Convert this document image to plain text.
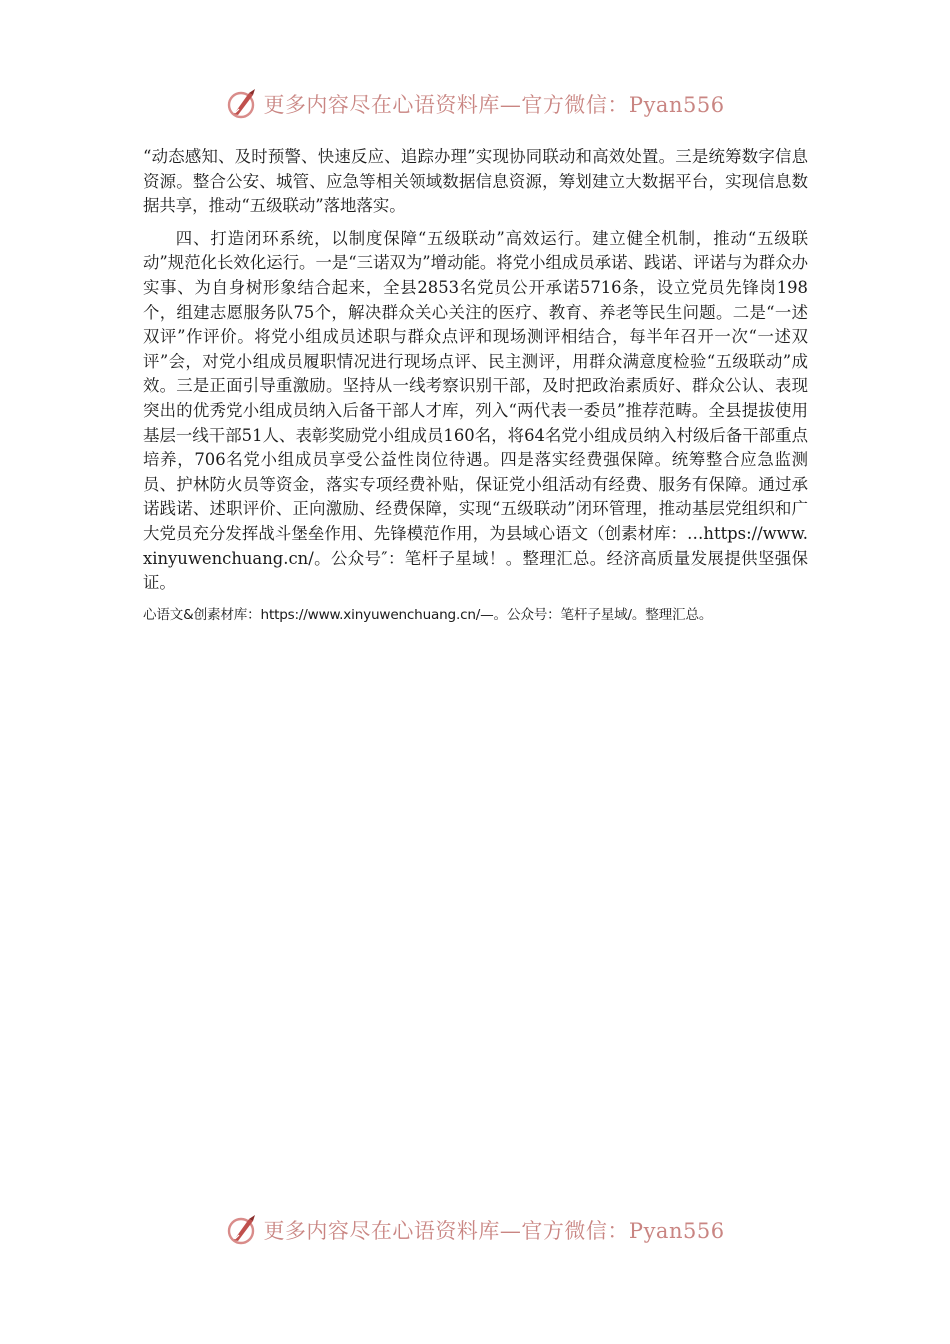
更多内容尽在心语资料库—官方微信：Pyan556

“动态感知、及时预警、快速反应、追踪办理”实现协同联动和高效处置。三是统筹数字信息资源。整合公安、城管、应急等相关领域数据信息资源，筹划建立大数据平台，实现信息数据共享，推动“五级联动”落地落实。

四、打造闭环系统，以制度保障“五级联动”高效运行。建立健全机制，推动“五级联动”规范化长效化运行。一是“三诺双为”增动能。将党小组成员承诺、践诺、评诺与为群众办实事、为自身树形象结合起来，全县2853名党员公开承诺5716条，设立党员先锋岗198个，组建志愿服务队75个，解决群众关心关注的医疗、教育、养老等民生问题。二是“一述双评”作评价。将党小组成员述职与群众点评和现场测评相结合，每半年召开一次“一述双评”会，对党小组成员履职情况进行现场点评、民主测评，用群众满意度检验“五级联动”成效。三是正面引导重激励。坚持从一线考察识别干部，及时把政治素质好、群众公认、表现突出的优秀党小组成员纳入后备干部人才库，列入“两代表一委员”推荐范畴。全县提拔使用基层一线干部51人、表彰奖励党小组成员160名，将64名党小组成员纳入村级后备干部重点培养，706名党小组成员享受公益性岗位待遇。四是落实经费强保障。统筹整合应急监测员、护林防火员等资金，落实专项经费补贴，保证党小组活动有经费、服务有保障。通过承诺践诺、述职评价、正向激励、经费保障，实现“五级联动”闭环管理，推动基层党组织和广大党员充分发挥战斗堡垒作用、先锋模范作用，为县域心语文（创素材库：…https://www.xinyuwenchuang.cn/。公众号″：笔杆子星域！。整理汇总。经济高质量发展提供坚强保证。

心语文&创素材库：https://www.xinyuwenchuang.cn/—。公众号：笔杆子星域/。整理汇总。
更多内容尽在心语资料库—官方微信：Pyan556
